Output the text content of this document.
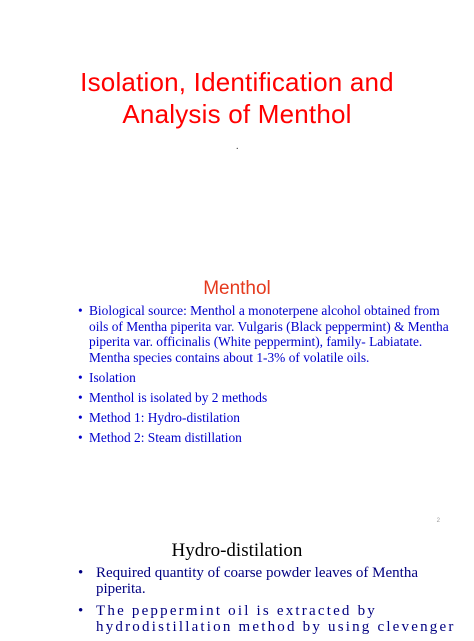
Isolation, Identification and
Analysis of Menthol
.
Menthol
• Biological source: Menthol a monoterpene alcohol obtained from oils of Mentha piperita var. Vulgaris (Black peppermint) & Mentha piperita var. officinalis (White peppermint), family- Labiatate. Mentha species contains about 1-3% of volatile oils.
• Isolation
• Menthol is isolated by 2 methods
• Method 1: Hydro-distilation
• Method 2: Steam distillation
2
Hydro-distilation
• Required quantity of coarse powder leaves of Mentha piperita.
• The peppermint oil is extracted by hydrodistillation method by using clevenger
